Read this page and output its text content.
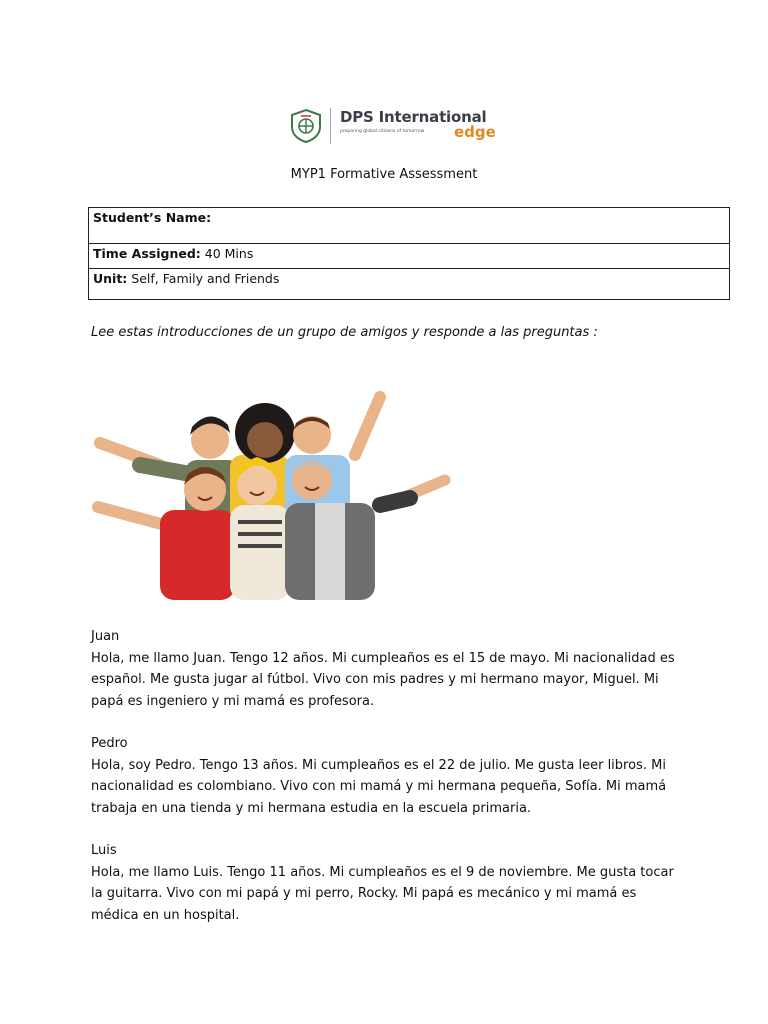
DPS International
preparing global citizens of tomorrow edge
MYP1 Formative Assessment
Student’s Name:
Time Assigned: 40 Mins
Unit: Self, Family and Friends
Lee estas introducciones de un grupo de amigos y responde a las preguntas :
Juan
Hola, me llamo Juan. Tengo 12 años. Mi cumpleaños es el 15 de mayo. Mi nacionalidad es español. Me gusta jugar al fútbol. Vivo con mis padres y mi hermano mayor, Miguel. Mi papá es ingeniero y mi mamá es profesora.
Pedro
Hola, soy Pedro. Tengo 13 años. Mi cumpleaños es el 22 de julio. Me gusta leer libros. Mi nacionalidad es colombiano. Vivo con mi mamá y mi hermana pequeña, Sofía. Mi mamá trabaja en una tienda y mi hermana estudia en la escuela primaria.
Luis
Hola, me llamo Luis. Tengo 11 años. Mi cumpleaños es el 9 de noviembre. Me gusta tocar la guitarra. Vivo con mi papá y mi perro, Rocky. Mi papá es mecánico y mi mamá es médica en un hospital.
